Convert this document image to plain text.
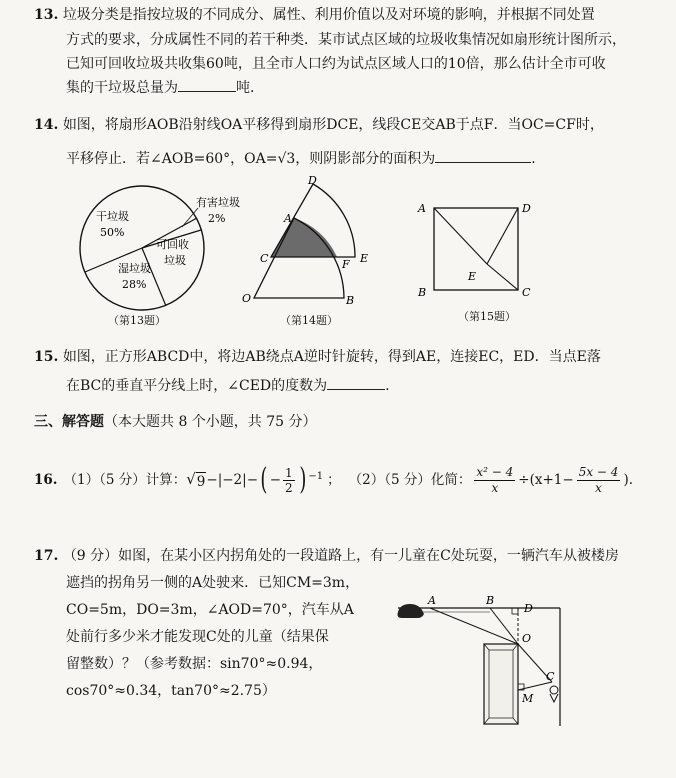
13. 垃圾分类是指按垃圾的不同成分、属性、利用价值以及对环境的影响，并根据不同处置
方式的要求，分成属性不同的若干种类．某市试点区域的垃圾收集情况如扇形统计图所示，
已知可回收垃圾共收集60吨，且全市人口约为试点区域人口的10倍，那么估计全市可收
集的干垃圾总量为	吨．
14. 如图，将扇形AOB沿射线OA平移得到扇形DCE，线段CE交AB于点F．当OC=CF时，
平移停止．若∠AOB=60°，OA=√3，则阴影部分的面积为	.
干垃圾
50%
有害垃圾
2%
可回收
垃圾
湿垃圾
28%
（第13题）
D
A
C	F E
O	B
（第14题）
A	D
E
B	C
（第15题）
15. 如图，正方形ABCD中，将边AB绕点A逆时针旋转，得到AE，连接EC，ED．当点E落
在BC的垂直平分线上时，∠CED的度数为	.
三、解答题（本大题共 8 个小题，共 75 分）
16. （1）（5 分）计算： √ 9 −|−2|− ( − $\frac{1}{2} )^{-1}$ ； （2）（5 分）化简： $\frac{\text{x² − 4}}{x} \div(x+1- \frac{5x - 4}{x}$ ).
17. （9 分）如图，在某小区内拐角处的一段道路上，有一儿童在C处玩耍，一辆汽车从被楼房
遮挡的拐角另一侧的A处驶来．已知CM=3m，
CO=5m，DO=3m，∠AOD=70°，汽车从A
处前行多少米才能发现C处的儿童（结果保
留整数）？（参考数据：sin70°≈0.94，
cos70°≈0.34，tan70°≈2.75）
A	B
D
O
M
C
